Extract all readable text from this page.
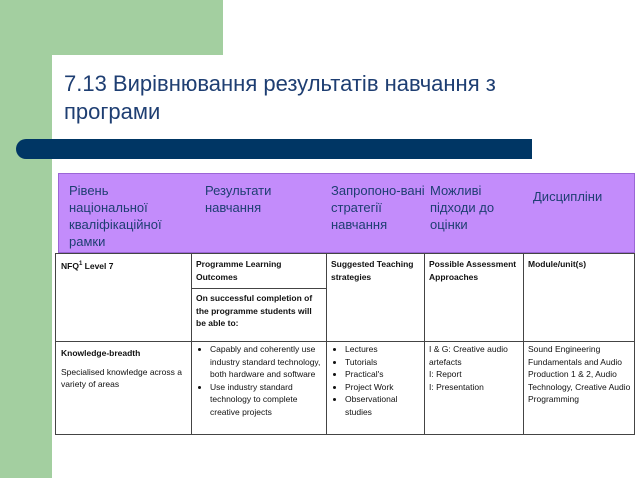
7.13 Вирівнювання результатів навчання з програми
Рівень національної кваліфікаційної рамки
Результати навчання
Запропоно-вані стратегії навчання
Можливі підходи до оцінки
Дисципліни
NFQ$^1$ Level 7	Programme Learning Outcomes
On successful completion of the programme students will be able to:
Suggested Teaching strategies
Possible Assessment Approaches
Module/unit(s)
Knowledge-breadth
Specialised knowledge across a variety of areas
• Capably and coherently use industry standard technology, both hardware and software
• Use industry standard technology to complete creative projects
• Lectures
• Tutorials
• Practical's
• Project Work
• Observational studies
I & G: Creative audio artefacts
I: Report
I: Presentation
Sound Engineering Fundamentals and Audio Production 1 & 2, Audio Technology, Creative Audio Programming
